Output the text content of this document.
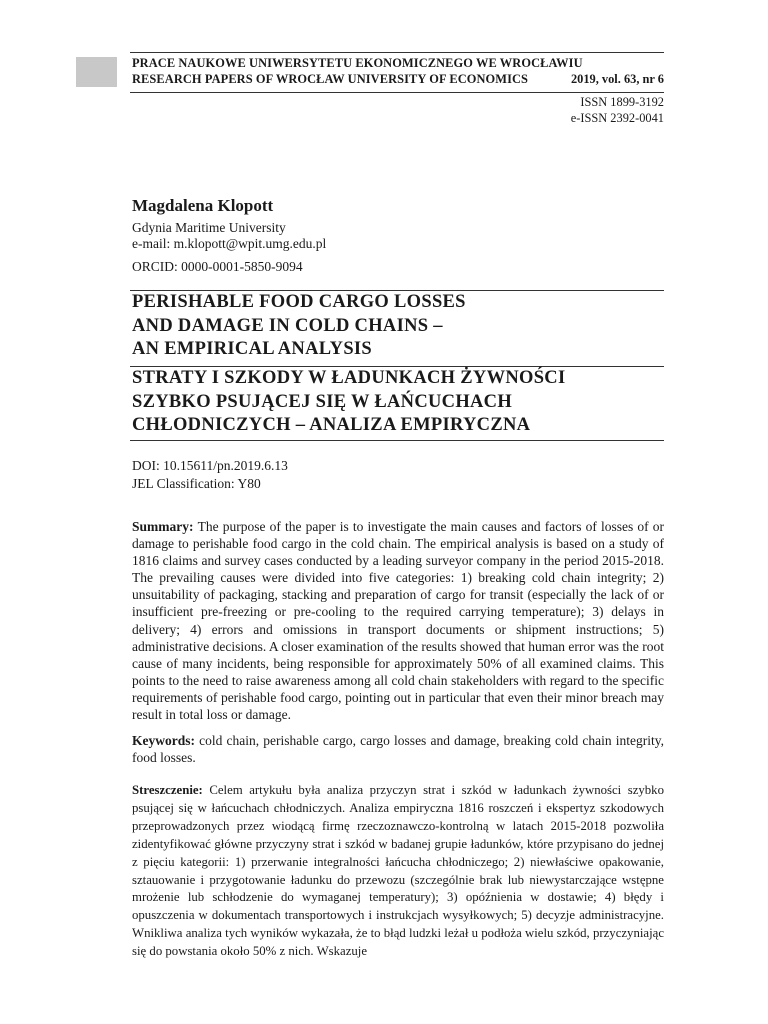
PRACE NAUKOWE UNIWERSYTETU EKONOMICZNEGO WE WROCŁAWIU
RESEARCH PAPERS OF WROCŁAW UNIVERSITY OF ECONOMICS	2019, vol. 63, nr 6
ISSN 1899-3192
e-ISSN 2392-0041
Magdalena Klopott
Gdynia Maritime University
e-mail: m.klopott@wpit.umg.edu.pl
ORCID: 0000-0001-5850-9094
PERISHABLE FOOD CARGO LOSSES
AND DAMAGE IN COLD CHAINS –
AN EMPIRICAL ANALYSIS
STRATY I SZKODY W ŁADUNKACH ŻYWNOŚCI
SZYBKO PSUJĄCEJ SIĘ W ŁAŃCUCHACH
CHŁODNICZYCH – ANALIZA EMPIRYCZNA
DOI: 10.15611/pn.2019.6.13
JEL Classification: Y80
Summary: The purpose of the paper is to investigate the main causes and factors of losses of or damage to perishable food cargo in the cold chain. The empirical analysis is based on a study of 1816 claims and survey cases conducted by a leading surveyor company in the period 2015-2018. The prevailing causes were divided into five categories: 1) breaking cold chain integrity; 2) unsuitability of packaging, stacking and preparation of cargo for transit (especially the lack of or insufficient pre-freezing or pre-cooling to the required carrying temperature); 3) delays in delivery; 4) errors and omissions in transport documents or shipment instructions; 5) administrative decisions. A closer examination of the results showed that human error was the root cause of many incidents, being responsible for approximately 50% of all examined claims. This points to the need to raise awareness among all cold chain stakeholders with regard to the specific requirements of perishable food cargo, pointing out in particular that even their minor breach may result in total loss or damage.
Keywords: cold chain, perishable cargo, cargo losses and damage, breaking cold chain integrity, food losses.
Streszczenie: Celem artykułu była analiza przyczyn strat i szkód w ładunkach żywności szybko psującej się w łańcuchach chłodniczych. Analiza empiryczna 1816 roszczeń i ekspertyz szkodowych przeprowadzonych przez wiodącą firmę rzeczoznawczo-kontrolną w latach 2015-2018 pozwoliła zidentyfikować główne przyczyny strat i szkód w badanej grupie ładunków, które przypisano do jednej z pięciu kategorii: 1) przerwanie integralności łańcucha chłodniczego; 2) niewłaściwe opakowanie, sztauowanie i przygotowanie ładunku do przewozu (szczególnie brak lub niewystarczające wstępne mrożenie lub schłodzenie do wymaganej temperatury); 3) opóźnienia w dostawie; 4) błędy i opuszczenia w dokumentach transportowych i instrukcjach wysyłkowych; 5) decyzje administracyjne. Wnikliwa analiza tych wyników wykazała, że to błąd ludzki leżał u podłoża wielu szkód, przyczyniając się do powstania około 50% z nich. Wskazuje
